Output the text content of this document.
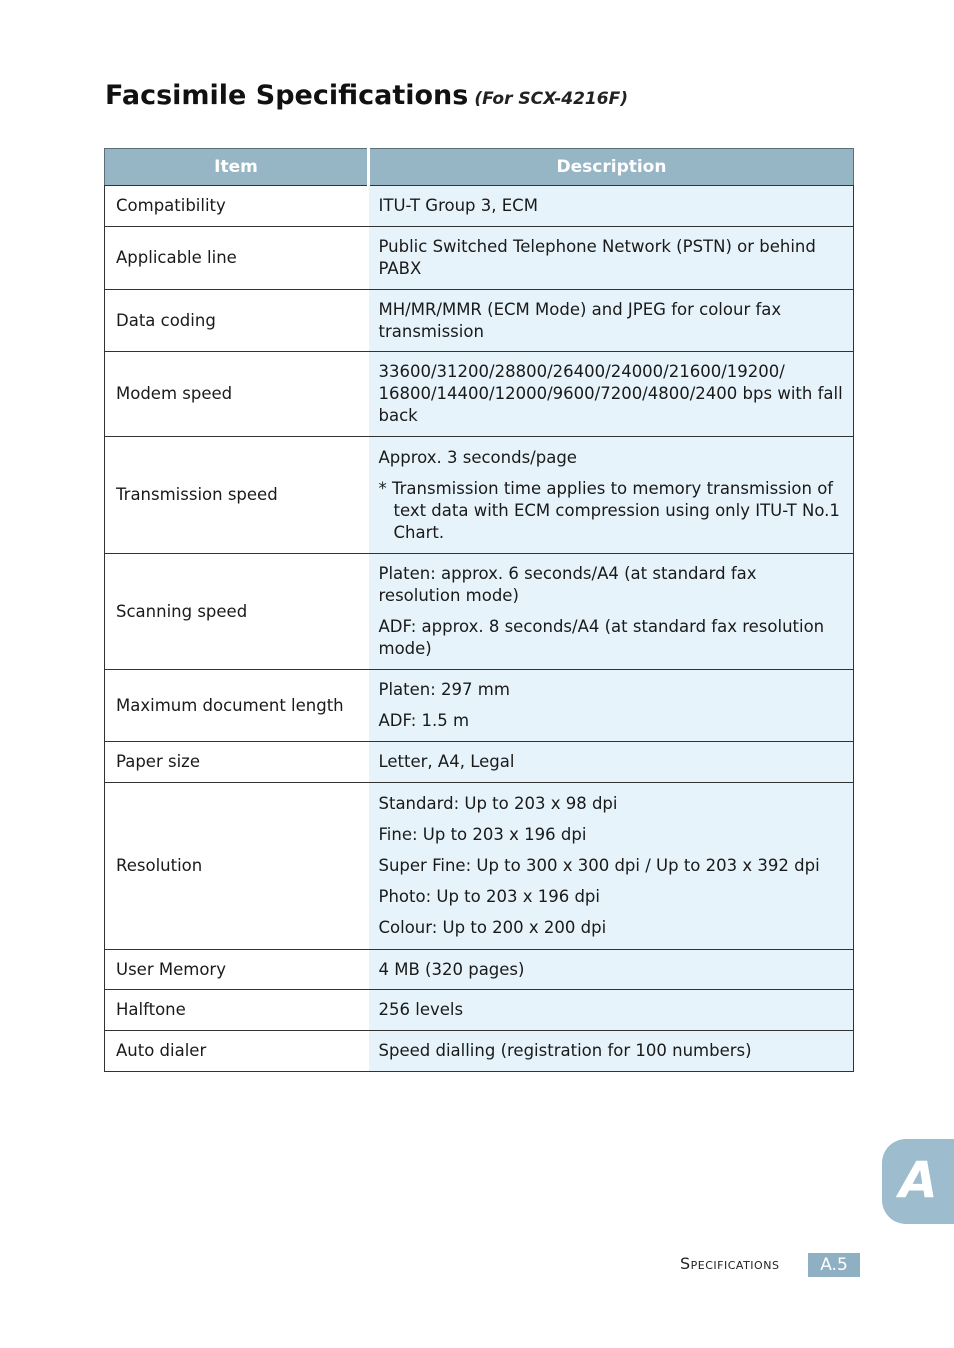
Facsimile Specifications (For SCX-4216F)
Item	Description
Compatibility	ITU-T Group 3, ECM

Applicable line	Public Switched Telephone Network (PSTN) or behind PABX

Data coding	MH/MR/MMR (ECM Mode) and JPEG for colour fax transmission

Modem speed	33600/31200/28800/26400/24000/21600/19200/ 16800/14400/12000/9600/7200/4800/2400 bps with fall back

Transmission speed	Approx. 3 seconds/page
* Transmission time applies to memory transmission of text data with ECM compression using only ITU-T No.1 Chart.

Scanning speed	Platen: approx. 6 seconds/A4 (at standard fax resolution mode)
ADF: approx. 8 seconds/A4 (at standard fax resolution mode)

Maximum document length	Platen: 297 mm
ADF: 1.5 m

Paper size	Letter, A4, Legal

Resolution	Standard: Up to 203 x 98 dpi
Fine: Up to 203 x 196 dpi
Super Fine: Up to 300 x 300 dpi / Up to 203 x 392 dpi
Photo: Up to 203 x 196 dpi
Colour: Up to 200 x 200 dpi

User Memory	4 MB (320 pages)

Halftone	256 levels

Auto dialer	Speed dialling (registration for 100 numbers)
A
Specifications	A.5
